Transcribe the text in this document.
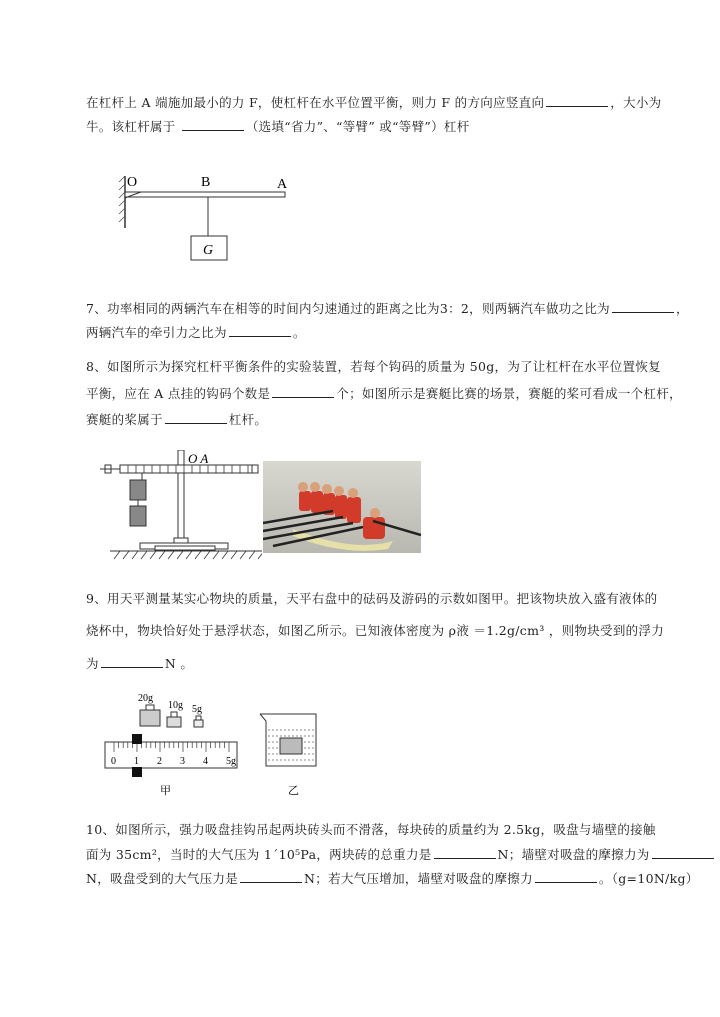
在杠杆上 A 端施加最小的力 F，使杠杆在水平位置平衡，则力 F 的方向应竖直向	，大小为
牛。该杠杆属于	（选填“省力”、“等臂” 或“等臂”）杠杆
7、功率相同的两辆汽车在相等的时间内匀速通过的距离之比为3：2，则两辆汽车做功之比为	，
两辆汽车的牵引力之比为	。
8、如图所示为探究杠杆平衡条件的实验装置，若每个钩码的质量为 50g，为了让杠杆在水平位置恢复
平衡，应在 A 点挂的钩码个数是	个；如图所示是赛艇比赛的场景，赛艇的桨可看成一个杠杆，
赛艇的桨属于	杠杆。
9、用天平测量某实心物块的质量，天平右盘中的砝码及游码的示数如图甲。把该物块放入盛有液体的
烧杯中，物块恰好处于悬浮状态，如图乙所示。已知液体密度为 ρ液 ＝1.2g/cm³ ，则物块受到的浮力
为	N 。
10、如图所示，强力吸盘挂钩吊起两块砖头而不滑落，每块砖的质量约为 2.5kg，吸盘与墙壁的接触
面为 35cm²，当时的大气压为 1´10⁵Pa，两块砖的总重力是	N；墙壁对吸盘的摩擦力为
N，吸盘受到的大气压力是	N；若大气压增加，墙壁对吸盘的摩擦力	。（g=10N/kg）
O	B	A
G
O A
20g
10g 5g
0 1 2 3 4 5g
甲	乙
